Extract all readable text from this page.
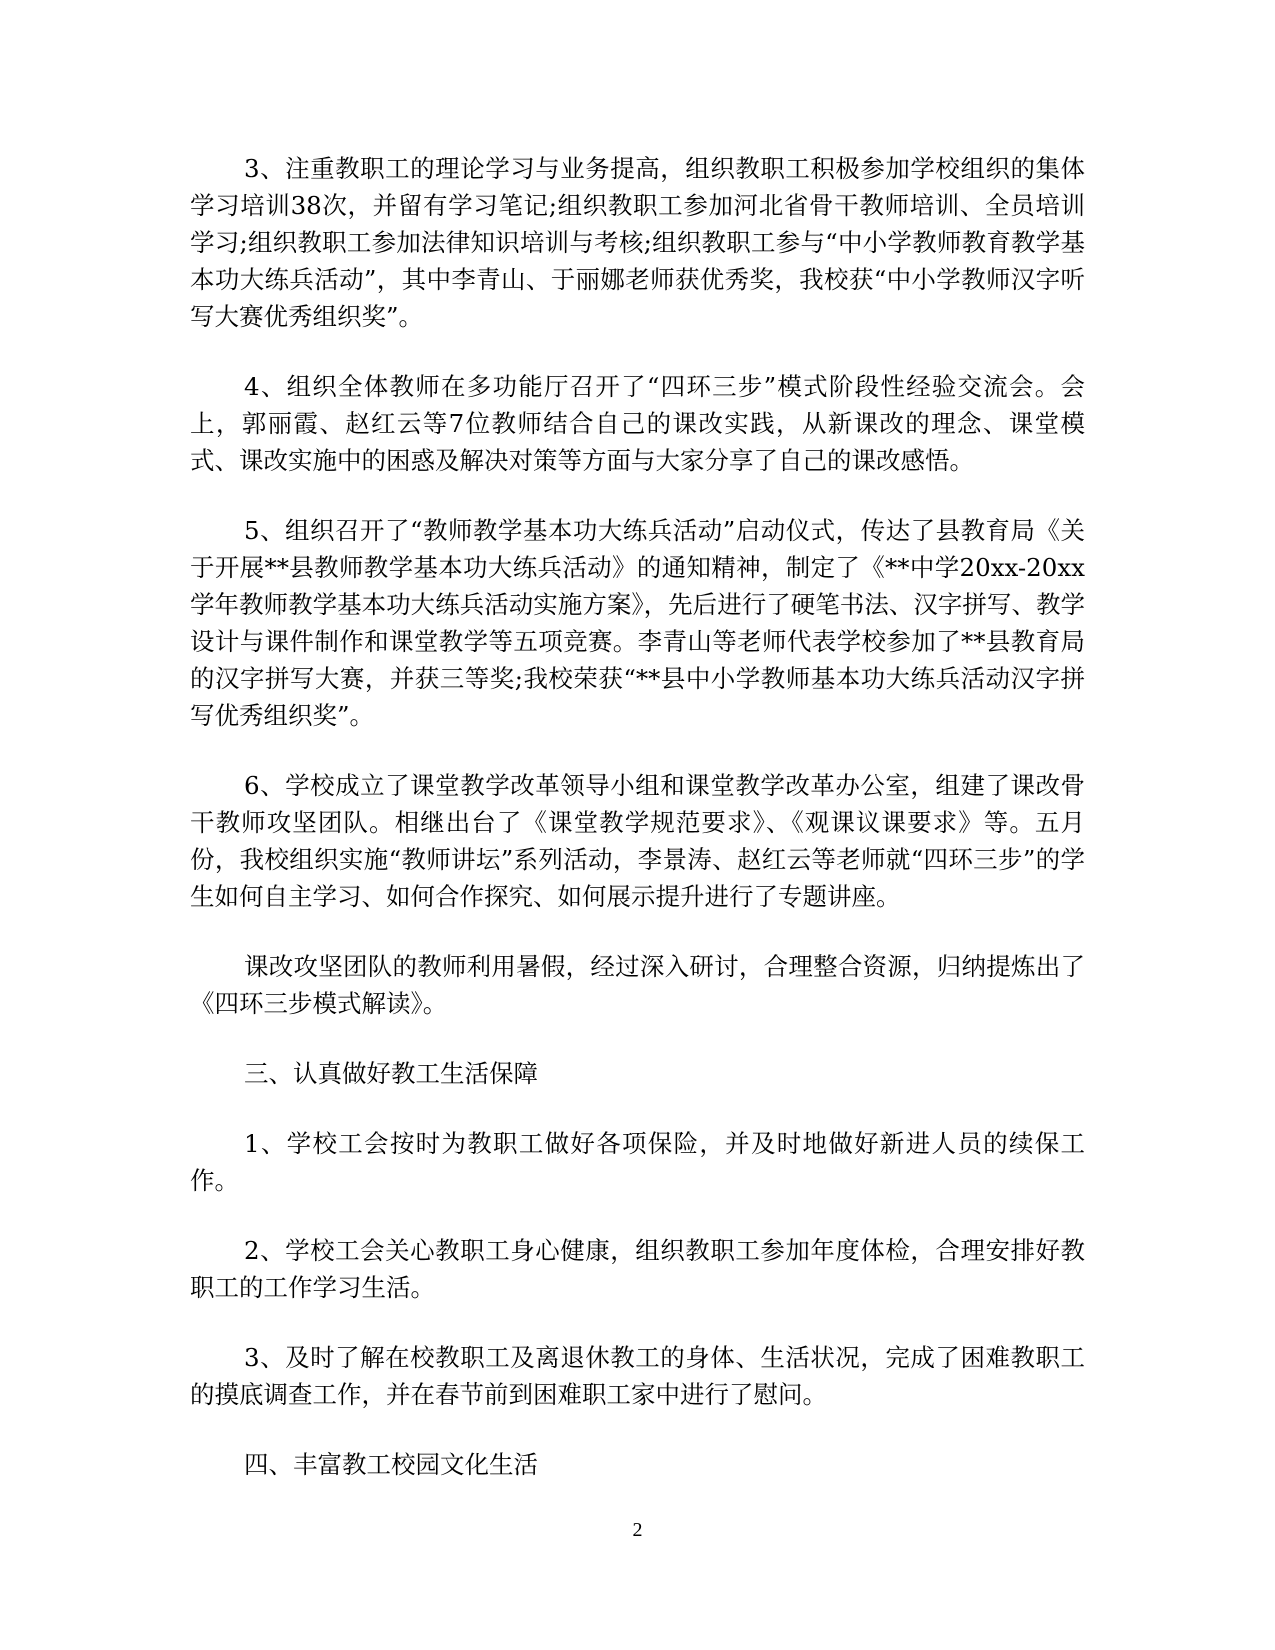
3、注重教职工的理论学习与业务提高，组织教职工积极参加学校组织的集体学习培训38次，并留有学习笔记;组织教职工参加河北省骨干教师培训、全员培训学习;组织教职工参加法律知识培训与考核;组织教职工参与“中小学教师教育教学基本功大练兵活动”，其中李青山、于丽娜老师获优秀奖，我校获“中小学教师汉字听写大赛优秀组织奖”。

4、组织全体教师在多功能厅召开了“四环三步”模式阶段性经验交流会。会上，郭丽霞、赵红云等7位教师结合自己的课改实践，从新课改的理念、课堂模式、课改实施中的困惑及解决对策等方面与大家分享了自己的课改感悟。

5、组织召开了“教师教学基本功大练兵活动”启动仪式，传达了县教育局《关于开展**县教师教学基本功大练兵活动》的通知精神，制定了《**中学20xx-20xx学年教师教学基本功大练兵活动实施方案》，先后进行了硬笔书法、汉字拼写、教学设计与课件制作和课堂教学等五项竞赛。李青山等老师代表学校参加了**县教育局的汉字拼写大赛，并获三等奖;我校荣获“**县中小学教师基本功大练兵活动汉字拼写优秀组织奖”。

6、学校成立了课堂教学改革领导小组和课堂教学改革办公室，组建了课改骨干教师攻坚团队。相继出台了《课堂教学规范要求》、《观课议课要求》等。五月份，我校组织实施“教师讲坛”系列活动，李景涛、赵红云等老师就“四环三步”的学生如何自主学习、如何合作探究、如何展示提升进行了专题讲座。

课改攻坚团队的教师利用暑假，经过深入研讨，合理整合资源，归纳提炼出了《四环三步模式解读》。

三、认真做好教工生活保障

1、学校工会按时为教职工做好各项保险，并及时地做好新进人员的续保工作。

2、学校工会关心教职工身心健康，组织教职工参加年度体检，合理安排好教职工的工作学习生活。

3、及时了解在校教职工及离退休教工的身体、生活状况，完成了困难教职工的摸底调查工作，并在春节前到困难职工家中进行了慰问。

四、丰富教工校园文化生活

2
